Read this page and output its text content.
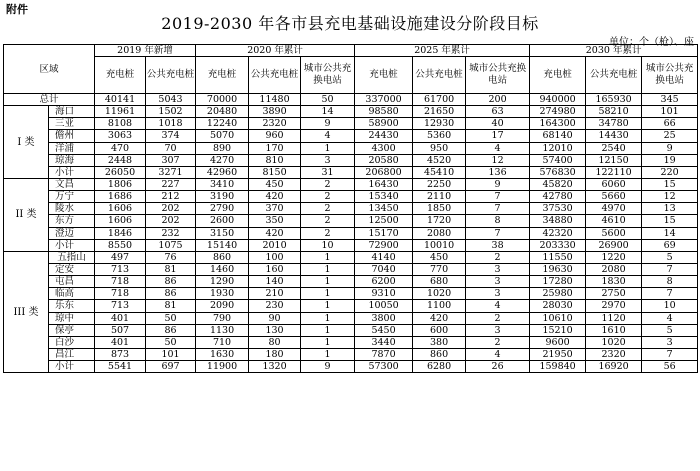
附件
2019-2030 年各市县充电基础设施建设分阶段目标
单位：个（枪）、座
区域		2019 年新增		2020 年累计			2025 年累计			2030 年累计		
		充电桩	公共充电桩	充电桩	公共充电桩	城市公共充换电站	充电桩	公共充电桩	城市公共充换电站	充电桩	公共充电桩	城市公共充换电站
总计		40141	5043	70000	11480	50	337000	61700	200	940000	165930	345
I 类	海口	11961	1502	20480	3890	14	98580	21650	63	274980	58210	101
	三亚	8108	1018	12240	2320	9	58900	12930	40	164300	34780	66
	儋州	3063	374	5070	960	4	24430	5360	17	68140	14430	25
	洋浦	470	70	890	170	1	4300	950	4	12010	2540	9
	琼海	2448	307	4270	810	3	20580	4520	12	57400	12150	19
	小计	26050	3271	42960	8150	31	206800	45410	136	576830	122110	220
II 类	文昌	1806	227	3410	450	2	16430	2250	9	45820	6060	15
	万宁	1686	212	3190	420	2	15340	2110	7	42780	5660	12
	陵水	1606	202	2790	370	2	13450	1850	7	37530	4970	13
	东方	1606	202	2600	350	2	12500	1720	8	34880	4610	15
	澄迈	1846	232	3150	420	2	15170	2080	7	42320	5600	14
	小计	8550	1075	15140	2010	10	72900	10010	38	203330	26900	69
III 类	五指山	497	76	860	100	1	4140	450	2	11550	1220	5
	定安	713	81	1460	160	1	7040	770	3	19630	2080	7
	屯昌	718	86	1290	140	1	6200	680	3	17280	1830	8
	临高	718	86	1930	210	1	9310	1020	3	25980	2750	7
	乐东	713	81	2090	230	1	10050	1100	4	28030	2970	10
	琼中	401	50	790	90	1	3800	420	2	10610	1120	4
	保亭	507	86	1130	130	1	5450	600	3	15210	1610	5
	白沙	401	50	710	80	1	3440	380	2	9600	1020	3
	昌江	873	101	1630	180	1	7870	860	4	21950	2320	7
	小计	5541	697	11900	1320	9	57300	6280	26	159840	16920	56
